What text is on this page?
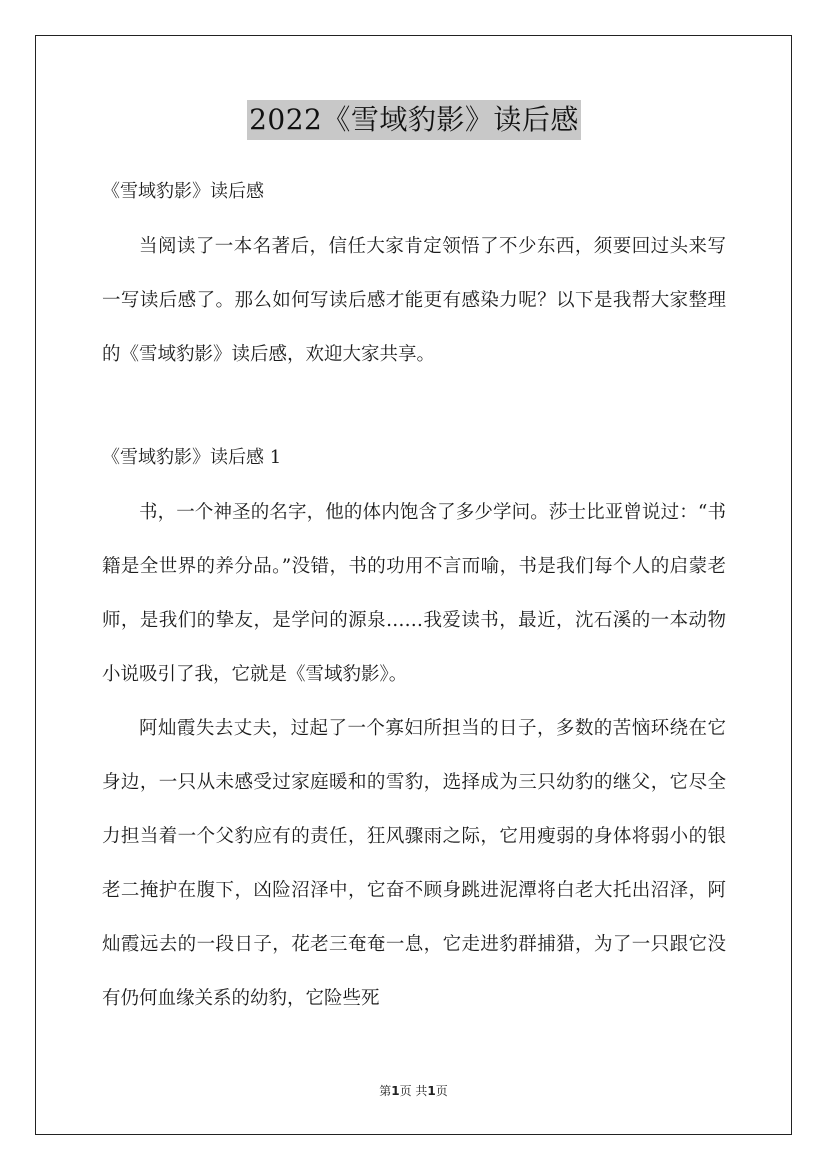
2022《雪域豹影》读后感

《雪域豹影》读后感

当阅读了一本名著后，信任大家肯定领悟了不少东西，须要回过头来写一写读后感了。那么如何写读后感才能更有感染力呢？以下是我帮大家整理的《雪域豹影》读后感，欢迎大家共享。

《雪域豹影》读后感 1

书，一个神圣的名字，他的体内饱含了多少学问。莎士比亚曾说过：“书籍是全世界的养分品。”没错，书的功用不言而喻，书是我们每个人的启蒙老师，是我们的挚友，是学问的源泉……我爱读书，最近，沈石溪的一本动物小说吸引了我，它就是《雪域豹影》。

阿灿霞失去丈夫，过起了一个寡妇所担当的日子，多数的苦恼环绕在它身边，一只从未感受过家庭暖和的雪豹，选择成为三只幼豹的继父，它尽全力担当着一个父豹应有的责任，狂风骤雨之际，它用瘦弱的身体将弱小的银老二掩护在腹下，凶险沼泽中，它奋不顾身跳进泥潭将白老大托出沼泽，阿灿霞远去的一段日子，花老三奄奄一息，它走进豹群捕猎，为了一只跟它没有仍何血缘关系的幼豹，它险些死

第1页 共1页
